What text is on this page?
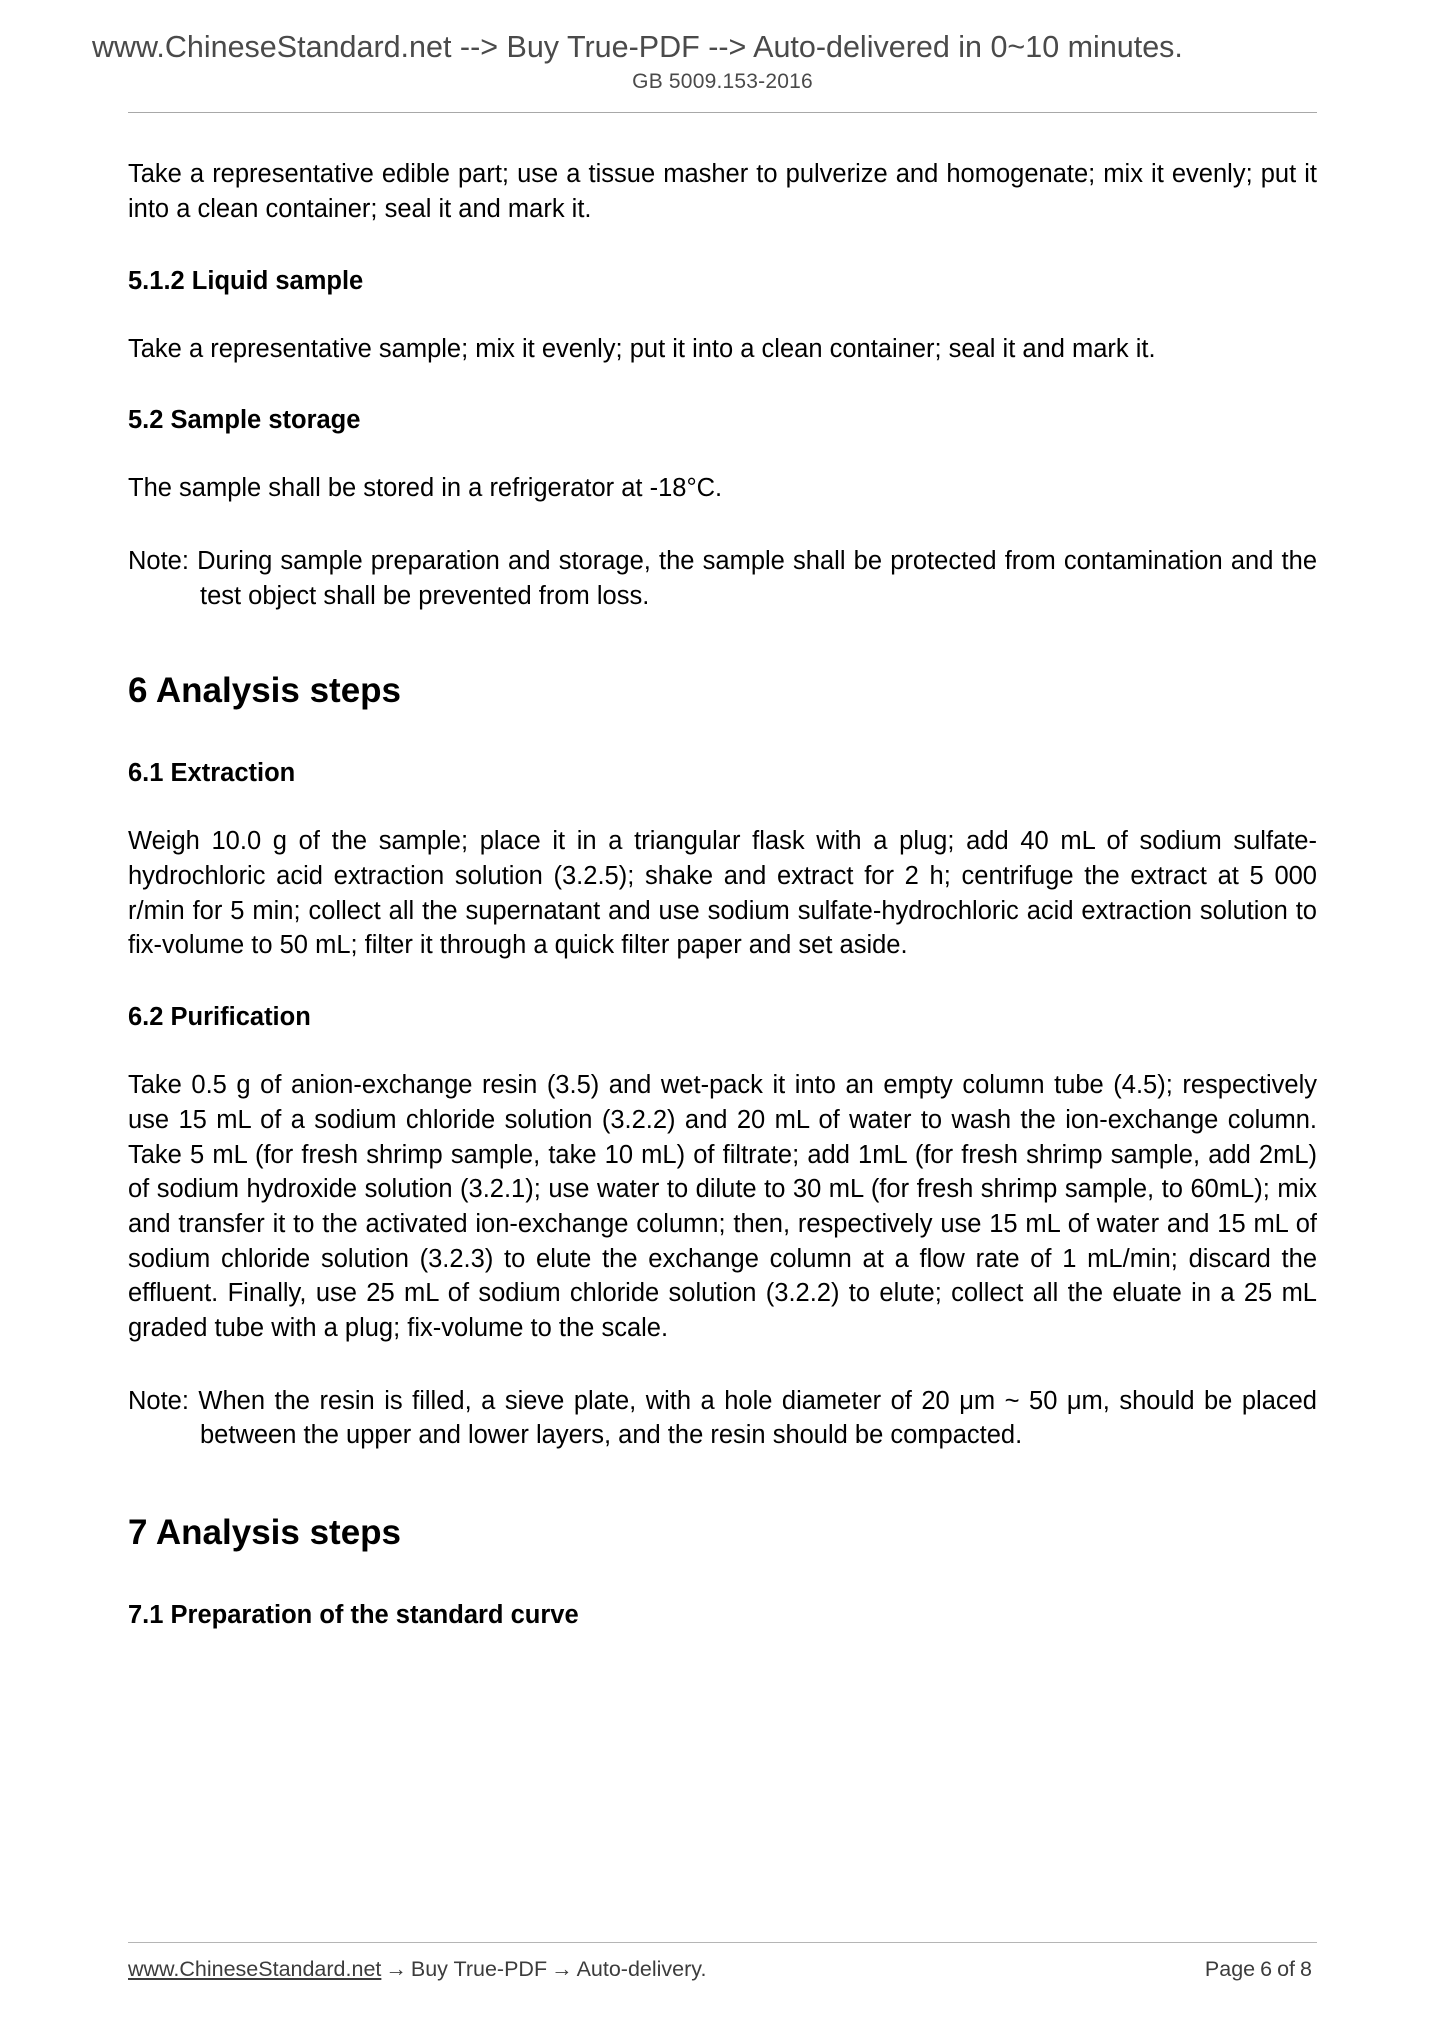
www.ChineseStandard.net --> Buy True-PDF --> Auto-delivered in 0~10 minutes.
GB 5009.153-2016

Take a representative edible part; use a tissue masher to pulverize and homogenate; mix it evenly; put it into a clean container; seal it and mark it.

5.1.2 Liquid sample

Take a representative sample; mix it evenly; put it into a clean container; seal it and mark it.

5.2 Sample storage

The sample shall be stored in a refrigerator at -18°C.

Note: During sample preparation and storage, the sample shall be protected from contamination and the test object shall be prevented from loss.

6 Analysis steps
6.1 Extraction

Weigh 10.0 g of the sample; place it in a triangular flask with a plug; add 40 mL of sodium sulfate-hydrochloric acid extraction solution (3.2.5); shake and extract for 2 h; centrifuge the extract at 5 000 r/min for 5 min; collect all the supernatant and use sodium sulfate-hydrochloric acid extraction solution to fix-volume to 50 mL; filter it through a quick filter paper and set aside.

6.2 Purification

Take 0.5 g of anion-exchange resin (3.5) and wet-pack it into an empty column tube (4.5); respectively use 15 mL of a sodium chloride solution (3.2.2) and 20 mL of water to wash the ion-exchange column. Take 5 mL (for fresh shrimp sample, take 10 mL) of filtrate; add 1mL (for fresh shrimp sample, add 2mL) of sodium hydroxide solution (3.2.1); use water to dilute to 30 mL (for fresh shrimp sample, to 60mL); mix and transfer it to the activated ion-exchange column; then, respectively use 15 mL of water and 15 mL of sodium chloride solution (3.2.3) to elute the exchange column at a flow rate of 1 mL/min; discard the effluent. Finally, use 25 mL of sodium chloride solution (3.2.2) to elute; collect all the eluate in a 25 mL graded tube with a plug; fix-volume to the scale.

Note: When the resin is filled, a sieve plate, with a hole diameter of 20 μm ~ 50 μm, should be placed between the upper and lower layers, and the resin should be compacted.

7 Analysis steps
7.1 Preparation of the standard curve
www.ChineseStandard.net → Buy True-PDF → Auto-delivery.	Page 6 of 8
